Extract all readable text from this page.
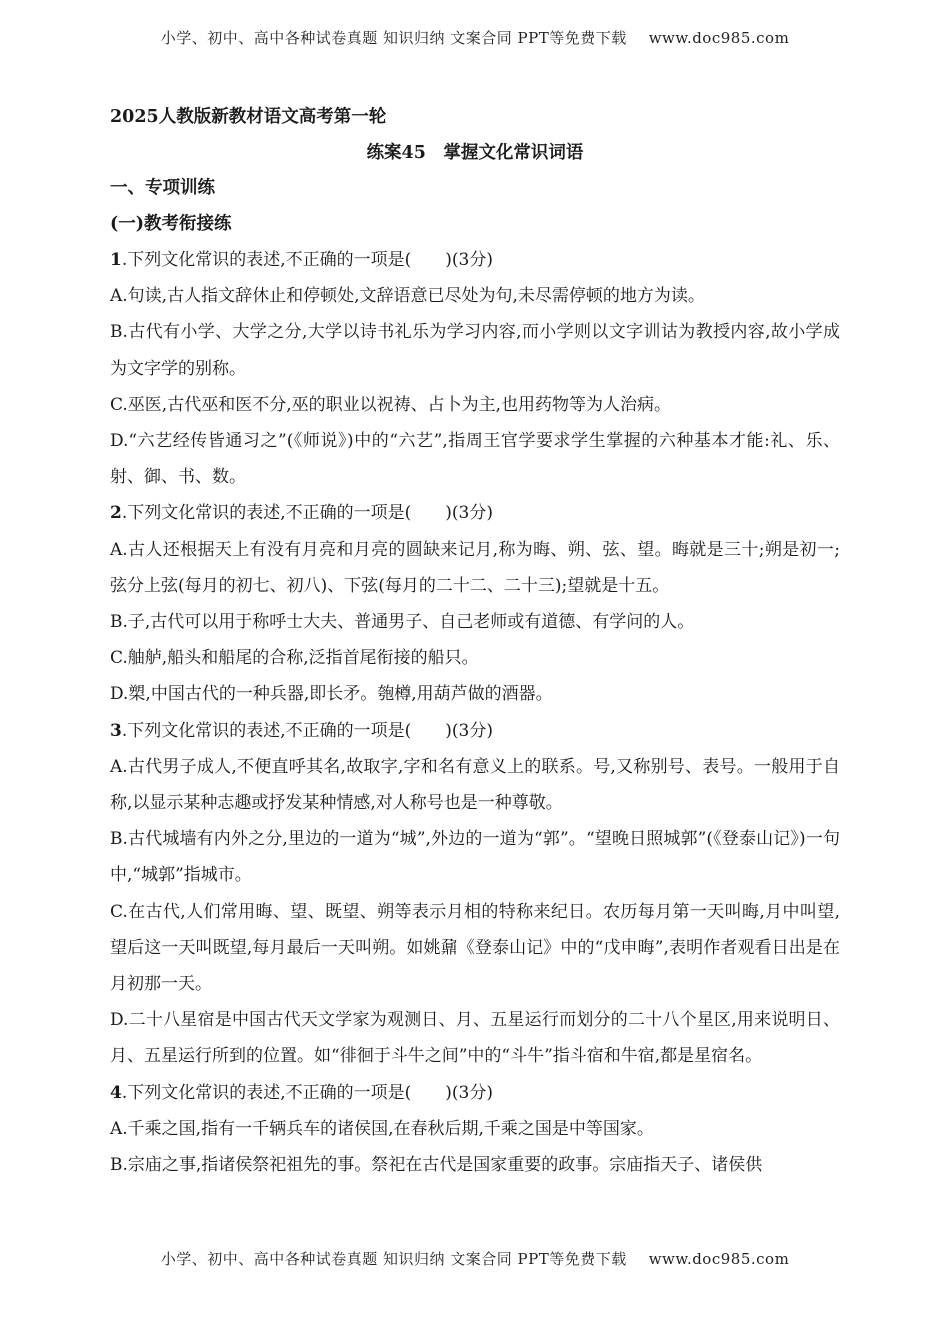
小学、初中、高中各种试卷真题 知识归纳 文案合同 PPT等免费下载 www.doc985.com
2025人教版新教材语文高考第一轮
练案45　掌握文化常识词语
一、专项训练
(一)教考衔接练

1.下列文化常识的表述,不正确的一项是(　　)(3分)

A.句读,古人指文辞休止和停顿处,文辞语意已尽处为句,未尽需停顿的地方为读。

B.古代有小学、大学之分,大学以诗书礼乐为学习内容,而小学则以文字训诂为教授内容,故小学成为文字学的别称。

C.巫医,古代巫和医不分,巫的职业以祝祷、占卜为主,也用药物等为人治病。

D.“六艺经传皆通习之”(《师说》)中的“六艺”,指周王官学要求学生掌握的六种基本才能:礼、乐、射、御、书、数。

2.下列文化常识的表述,不正确的一项是(　　)(3分)

A.古人还根据天上有没有月亮和月亮的圆缺来记月,称为晦、朔、弦、望。晦就是三十;朔是初一;弦分上弦(每月的初七、初八)、下弦(每月的二十二、二十三);望就是十五。

B.子,古代可以用于称呼士大夫、普通男子、自己老师或有道德、有学问的人。

C.舳舻,船头和船尾的合称,泛指首尾衔接的船只。

D.槊,中国古代的一种兵器,即长矛。匏樽,用葫芦做的酒器。

3.下列文化常识的表述,不正确的一项是(　　)(3分)

A.古代男子成人,不便直呼其名,故取字,字和名有意义上的联系。号,又称别号、表号。一般用于自称,以显示某种志趣或抒发某种情感,对人称号也是一种尊敬。

B.古代城墙有内外之分,里边的一道为“城”,外边的一道为“郭”。“望晚日照城郭”(《登泰山记》)一句中,“城郭”指城市。

C.在古代,人们常用晦、望、既望、朔等表示月相的特称来纪日。农历每月第一天叫晦,月中叫望,望后这一天叫既望,每月最后一天叫朔。如姚鼐《登泰山记》中的“戊申晦”,表明作者观看日出是在月初那一天。

D.二十八星宿是中国古代天文学家为观测日、月、五星运行而划分的二十八个星区,用来说明日、月、五星运行所到的位置。如“徘徊于斗牛之间”中的“斗牛”指斗宿和牛宿,都是星宿名。

4.下列文化常识的表述,不正确的一项是(　　)(3分)

A.千乘之国,指有一千辆兵车的诸侯国,在春秋后期,千乘之国是中等国家。

B.宗庙之事,指诸侯祭祀祖先的事。祭祀在古代是国家重要的政事。宗庙指天子、诸侯供

小学、初中、高中各种试卷真题 知识归纳 文案合同 PPT等免费下载 www.doc985.com
